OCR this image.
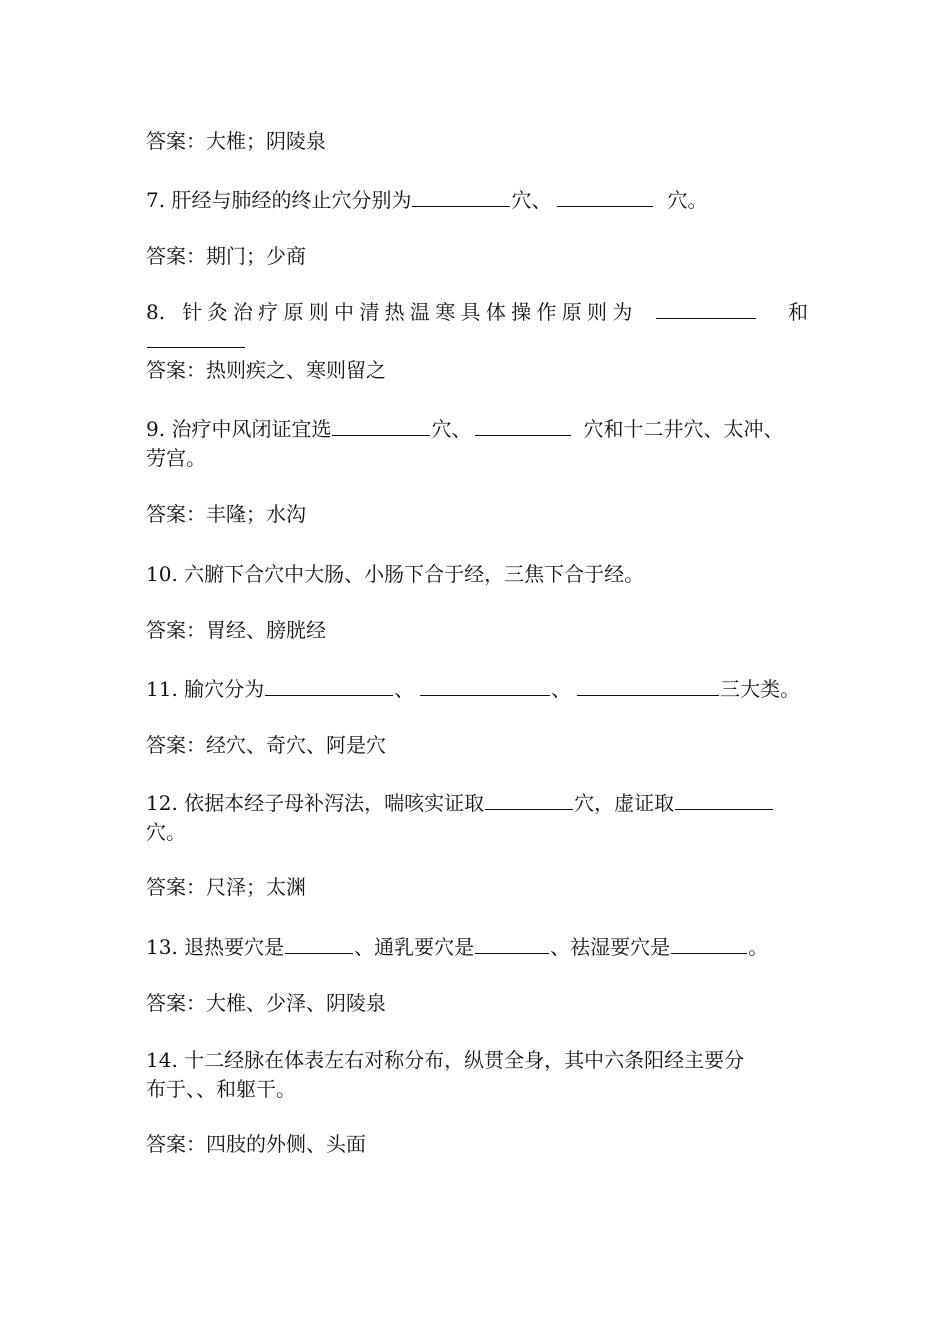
答案：大椎；阴陵泉

7. 肝经与肺经的终止穴分别为	穴、	穴。

答案：期门；少商

8. 针灸治疗原则中清热温寒具体操作原则为	和

答案：热则疾之、寒则留之

9. 治疗中风闭证宜选	穴、	穴和十二井穴、太冲、

劳宫。

答案：丰隆；水沟

10. 六腑下合穴中大肠、小肠下合于经，三焦下合于经。

答案：胃经、膀胱经

11. 腧穴分为	、	、	三大类。

答案：经穴、奇穴、阿是穴

12. 依据本经子母补泻法，喘咳实证取	穴，虚证取

穴。

答案：尺泽；太渊

13. 退热要穴是	、通乳要穴是	、祛湿要穴是	。

答案：大椎、少泽、阴陵泉

14. 十二经脉在体表左右对称分布，纵贯全身，其中六条阳经主要分

布于、、和躯干。

答案：四肢的外侧、头面
